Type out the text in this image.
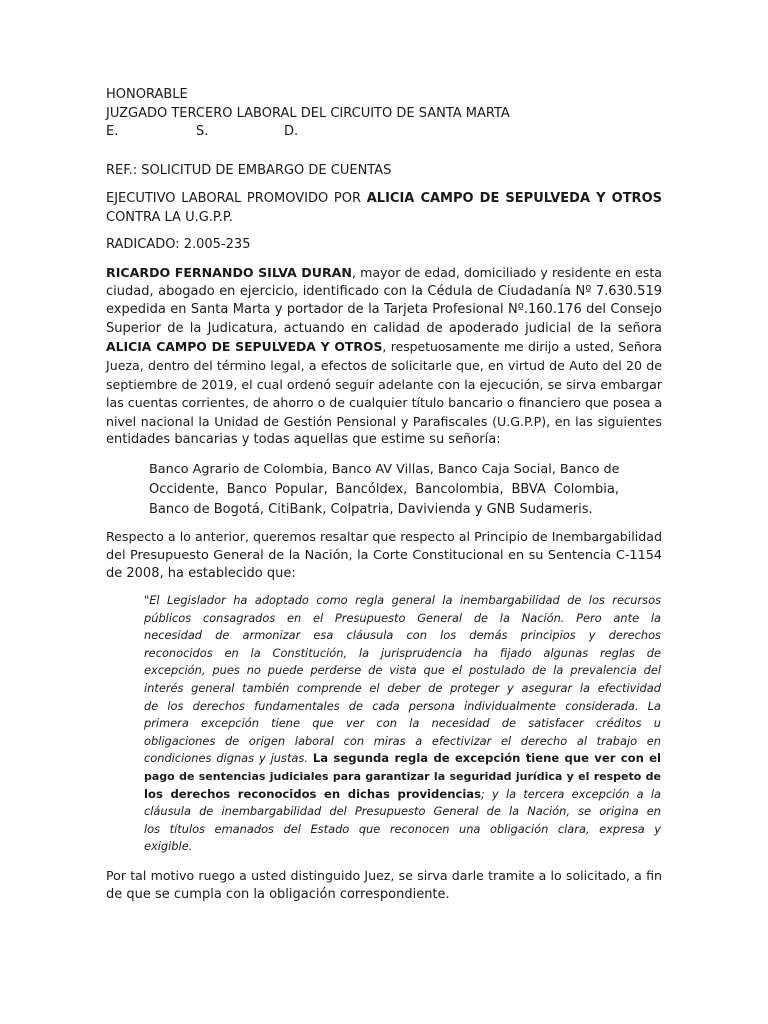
HONORABLE
JUZGADO TERCERO LABORAL DEL CIRCUITO DE SANTA MARTA
E.	S.	D.
REF.: SOLICITUD DE EMBARGO DE CUENTAS
EJECUTIVO LABORAL PROMOVIDO POR ALICIA CAMPO DE SEPULVEDA Y OTROS
CONTRA LA U.G.P.P.
RADICADO: 2.005-235
RICARDO FERNANDO SILVA DURAN, mayor de edad, domiciliado y residente en esta
ciudad, abogado en ejercicio, identificado con la Cédula de Ciudadanía Nº 7.630.519
expedida en Santa Marta y portador de la Tarjeta Profesional Nº.160.176 del Consejo
Superior de la Judicatura, actuando en calidad de apoderado judicial de la señora
ALICIA CAMPO DE SEPULVEDA Y OTROS, respetuosamente me dirijo a usted, Señora
Jueza, dentro del término legal, a efectos de solicitarle que, en virtud de Auto del 20 de
septiembre de 2019, el cual ordenó seguir adelante con la ejecución, se sirva embargar
las cuentas corrientes, de ahorro o de cualquier título bancario o financiero que posea a
nivel nacional la Unidad de Gestión Pensional y Parafiscales (U.G.P.P), en las siguientes
entidades bancarias y todas aquellas que estime su señoría:
Banco Agrario de Colombia, Banco AV Villas, Banco Caja Social, Banco de
Occidente, Banco Popular, Bancóldex, Bancolombia, BBVA Colombia,
Banco de Bogotá, CitiBank, Colpatria, Davivienda y GNB Sudameris.
Respecto a lo anterior, queremos resaltar que respecto al Principio de Inembargabilidad
del Presupuesto General de la Nación, la Corte Constitucional en su Sentencia C-1154
de 2008, ha establecido que:
"El Legislador ha adoptado como regla general la inembargabilidad de los recursos
públicos consagrados en el Presupuesto General de la Nación. Pero ante la
necesidad de armonizar esa cláusula con los demás principios y derechos
reconocidos en la Constitución, la jurisprudencia ha fijado algunas reglas de
excepción, pues no puede perderse de vista que el postulado de la prevalencia del
interés general también comprende el deber de proteger y asegurar la efectividad
de los derechos fundamentales de cada persona individualmente considerada. La
primera excepción tiene que ver con la necesidad de satisfacer créditos u
obligaciones de origen laboral con miras a efectivizar el derecho al trabajo en
condiciones dignas y justas. La segunda regla de excepción tiene que ver con el
pago de sentencias judiciales para garantizar la seguridad jurídica y el respeto de
los derechos reconocidos en dichas providencias; y la tercera excepción a la
cláusula de inembargabilidad del Presupuesto General de la Nación, se origina en
los títulos emanados del Estado que reconocen una obligación clara, expresa y
exigible.
Por tal motivo ruego a usted distinguido Juez, se sirva darle tramite a lo solicitado, a fin
de que se cumpla con la obligación correspondiente.
